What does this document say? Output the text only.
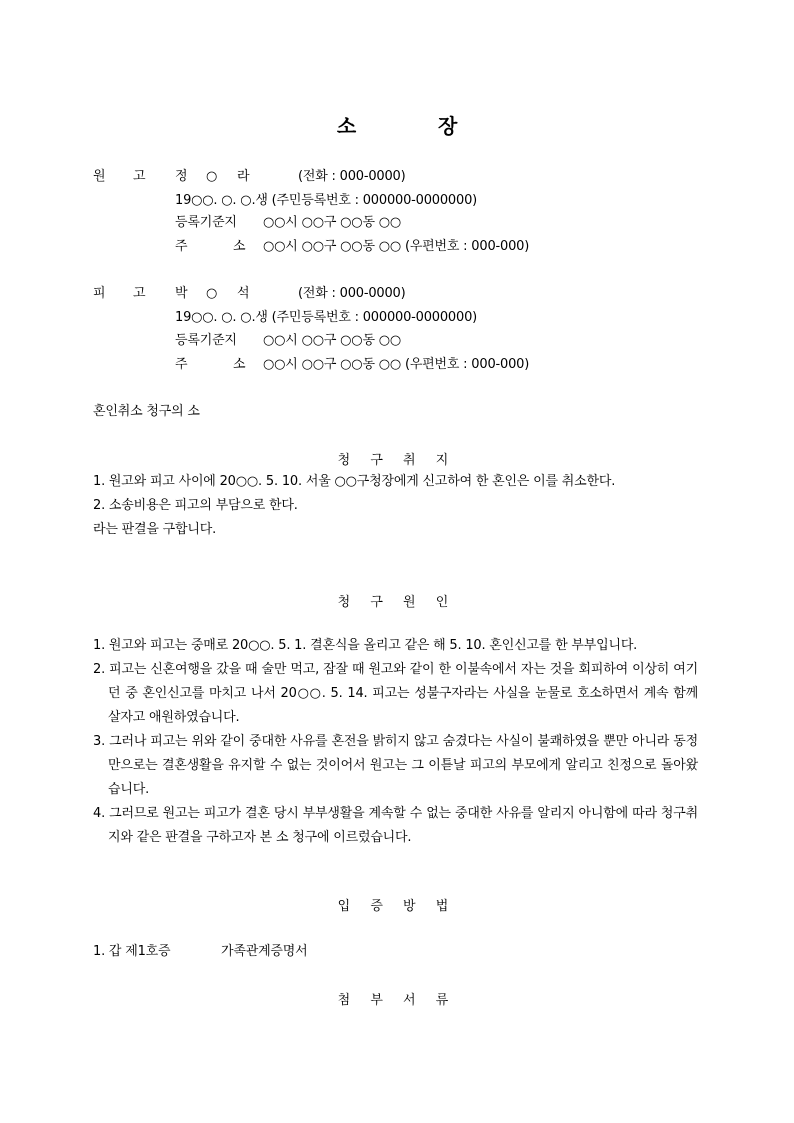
소	장
원 고	정 ○ 라	(전화 : 000-0000)
19○○. ○. ○.생 (주민등록번호 : 000000-0000000)
등록기준지 ○○시 ○○구 ○○동 ○○
주	소 ○○시 ○○구 ○○동 ○○ (우편번호 : 000-000)
피 고	박 ○ 석	(전화 : 000-0000)
19○○. ○. ○.생 (주민등록번호 : 000000-0000000)
등록기준지 ○○시 ○○구 ○○동 ○○
주	소 ○○시 ○○구 ○○동 ○○ (우편번호 : 000-000)
혼인취소 청구의 소
청 구 취 지
1. 원고와 피고 사이에 20○○. 5. 10. 서울 ○○구청장에게 신고하여 한 혼인은 이를 취소한다.
2. 소송비용은 피고의 부담으로 한다.
라는 판결을 구합니다.
청 구 원 인
1. 원고와 피고는 중매로 20○○. 5. 1. 결혼식을 올리고 같은 해 5. 10. 혼인신고를 한 부부입니다.
2. 피고는 신혼여행을 갔을 때 술만 먹고, 잠잘 때 원고와 같이 한 이불속에서 자는 것을 회피하여 이상히 여기던 중 혼인신고를 마치고 나서 20○○. 5. 14. 피고는 성불구자라는 사실을 눈물로 호소하면서 계속 함께 살자고 애원하였습니다.
3. 그러나 피고는 위와 같이 중대한 사유를 혼전을 밝히지 않고 숨겼다는 사실이 불쾌하였을 뿐만 아니라 동정만으로는 결혼생활을 유지할 수 없는 것이어서 원고는 그 이튿날 피고의 부모에게 알리고 친정으로 돌아왔습니다.
4. 그러므로 원고는 피고가 결혼 당시 부부생활을 계속할 수 없는 중대한 사유를 알리지 아니함에 따라 청구취지와 같은 판결을 구하고자 본 소 청구에 이르렀습니다.
입 증 방 법
1. 갑 제1호증	가족관계증명서
첨 부 서 류
